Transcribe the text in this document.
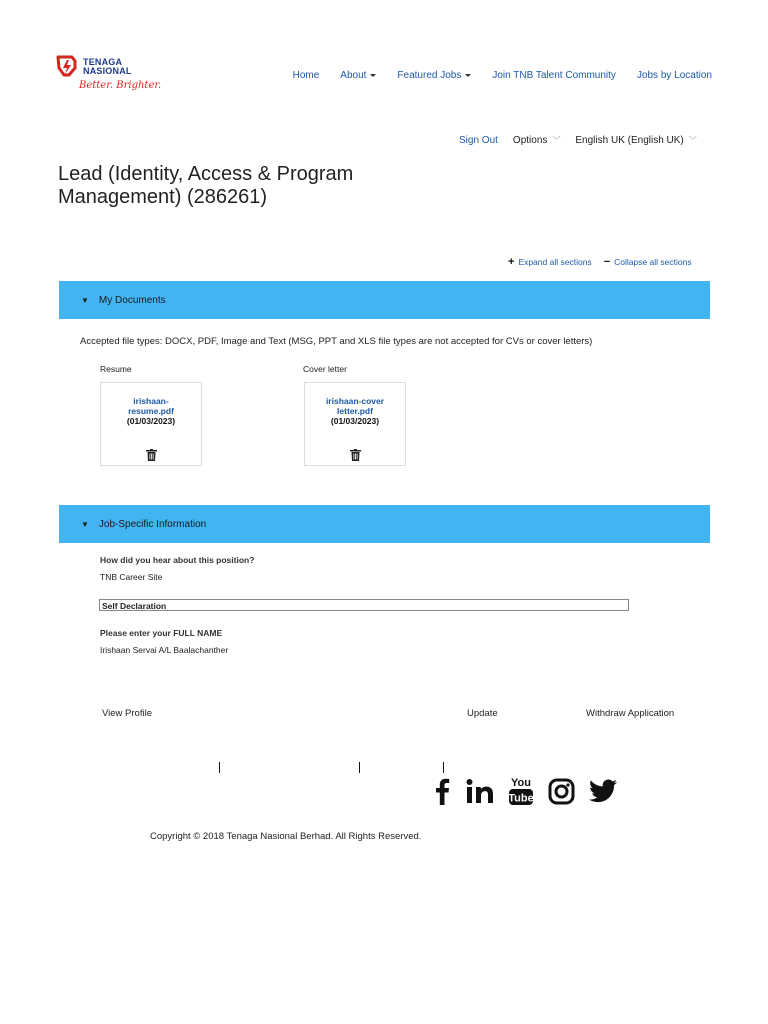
TENAGA
NASIONAL
Better. Brighter.
Home About	Featured Jobs	Join TNB Talent Community Jobs by Location
Sign Out Options ﹀ English UK (English UK) ﹀
Lead (Identity, Access & Program Management) (286261)
+ Expand all sections − Collapse all sections
▼ My Documents
Accepted file types: DOCX, PDF, Image and Text (MSG, PPT and XLS file types are not accepted for CVs or cover letters)
Resume
irishaan-resume.pdf
(01/03/2023)
Cover letter
irishaan-cover letter.pdf
(01/03/2023)
▼ Job-Specific Information
How did you hear about this position?
TNB Career Site
Self Declaration
Please enter your FULL NAME
Irishaan Servai A/L Baalachanther
View Profile	Update	Withdraw Application
You
Tube
Copyright © 2018 Tenaga Nasional Berhad. All Rights Reserved.
